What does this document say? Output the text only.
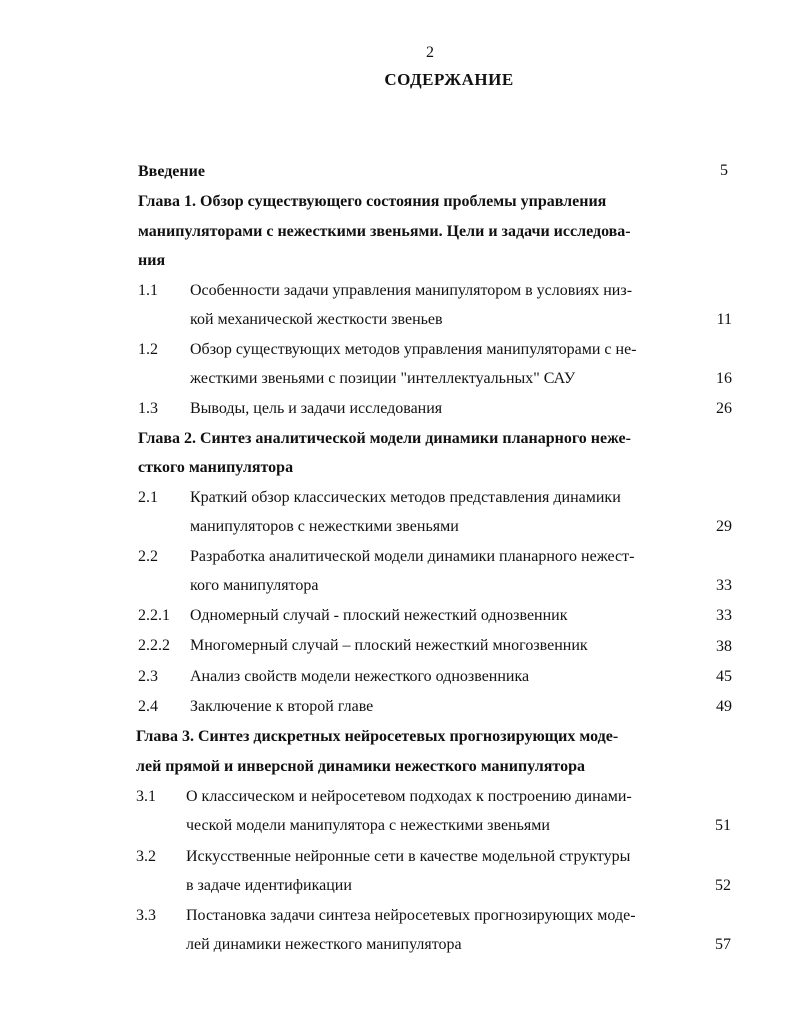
2
СОДЕРЖАНИЕ
Введение	5
Глава 1. Обзор существующего состояния проблемы управления
манипуляторами с нежесткими звеньями. Цели и задачи исследова-
ния
1.1 Особенности задачи управления манипулятором в условиях низ-
кой механической жесткости звеньев	11
1.2 Обзор существующих методов управления манипуляторами с не-
жесткими звеньями с позиции "интеллектуальных" САУ	16
1.3 Выводы, цель и задачи исследования	26
Глава 2. Синтез аналитической модели динамики планарного неже-
сткого манипулятора
2.1 Краткий обзор классических методов представления динамики
манипуляторов с нежесткими звеньями	29
2.2 Разработка аналитической модели динамики планарного нежест-
кого манипулятора	33
2.2.1 Одномерный случай - плоский нежесткий однозвенник	33
2.2.2 Многомерный случай – плоский нежесткий многозвенник	38
2.3 Анализ свойств модели нежесткого однозвенника	45
2.4 Заключение к второй главе	49
Глава 3. Синтез дискретных нейросетевых прогнозирующих моде-
лей прямой и инверсной динамики нежесткого манипулятора
3.1 О классическом и нейросетевом подходах к построению динами-
ческой модели манипулятора с нежесткими звеньями	51
3.2 Искусственные нейронные сети в качестве модельной структуры
в задаче идентификации	52
3.3 Постановка задачи синтеза нейросетевых прогнозирующих моде-
лей динамики нежесткого манипулятора	57
